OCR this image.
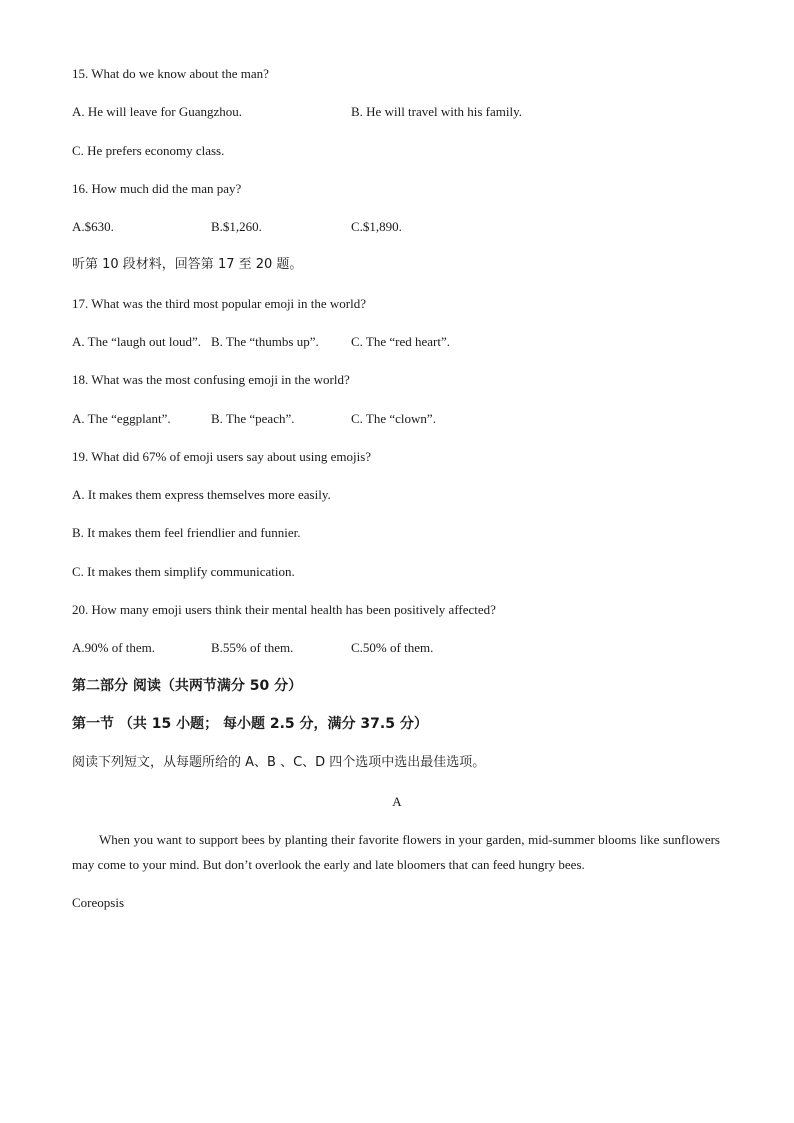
15. What do we know about the man?
A. He will leave for Guangzhou.	B. He will travel with his family.
C. He prefers economy class.
16. How much did the man pay?
A.$630.	B.$1,260.	C.$1,890.
听第 10 段材料，回答第 17 至 20 题。
17. What was the third most popular emoji in the world?
A. The “laugh out loud”. B. The “thumbs up”. C. The “red heart”.
18. What was the most confusing emoji in the world?
A. The “eggplant”.	B. The “peach”.	C. The “clown”.
19. What did 67% of emoji users say about using emojis?
A. It makes them express themselves more easily.
B. It makes them feel friendlier and funnier.
C. It makes them simplify communication.
20. How many emoji users think their mental health has been positively affected?
A.90% of them.	B.55% of them.	C.50% of them.
第二部分 阅读（共两节满分 50 分）
第一节 （共 15 小题； 每小题 2.5 分，满分 37.5 分）
阅读下列短文，从每题所给的 A、B 、C、D 四个选项中选出最佳选项。
A
When you want to support bees by planting their favorite flowers in your garden, mid-summer blooms like sunflowers may come to your mind. But don’t overlook the early and late bloomers that can feed hungry bees.
Coreopsis
